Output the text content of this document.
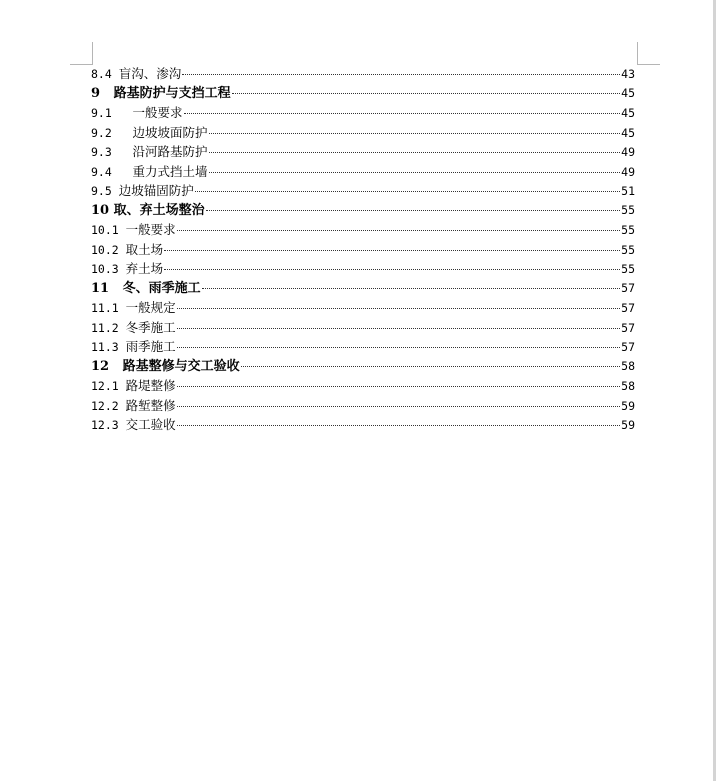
8.4 盲沟、渗沟	43
9 路基防护与支挡工程	45
9.1 一般要求	45
9.2 边坡坡面防护	45
9.3 沿河路基防护	49
9.4 重力式挡土墙	49
9.5 边坡锚固防护	51
10 取、弃土场整治	55
10.1 一般要求	55
10.2 取土场	55
10.3 弃土场	55
11 冬、雨季施工	57
11.1 一般规定	57
11.2 冬季施工	57
11.3 雨季施工	57
12 路基整修与交工验收	58
12.1 路堤整修	58
12.2 路堑整修	59
12.3 交工验收	59
